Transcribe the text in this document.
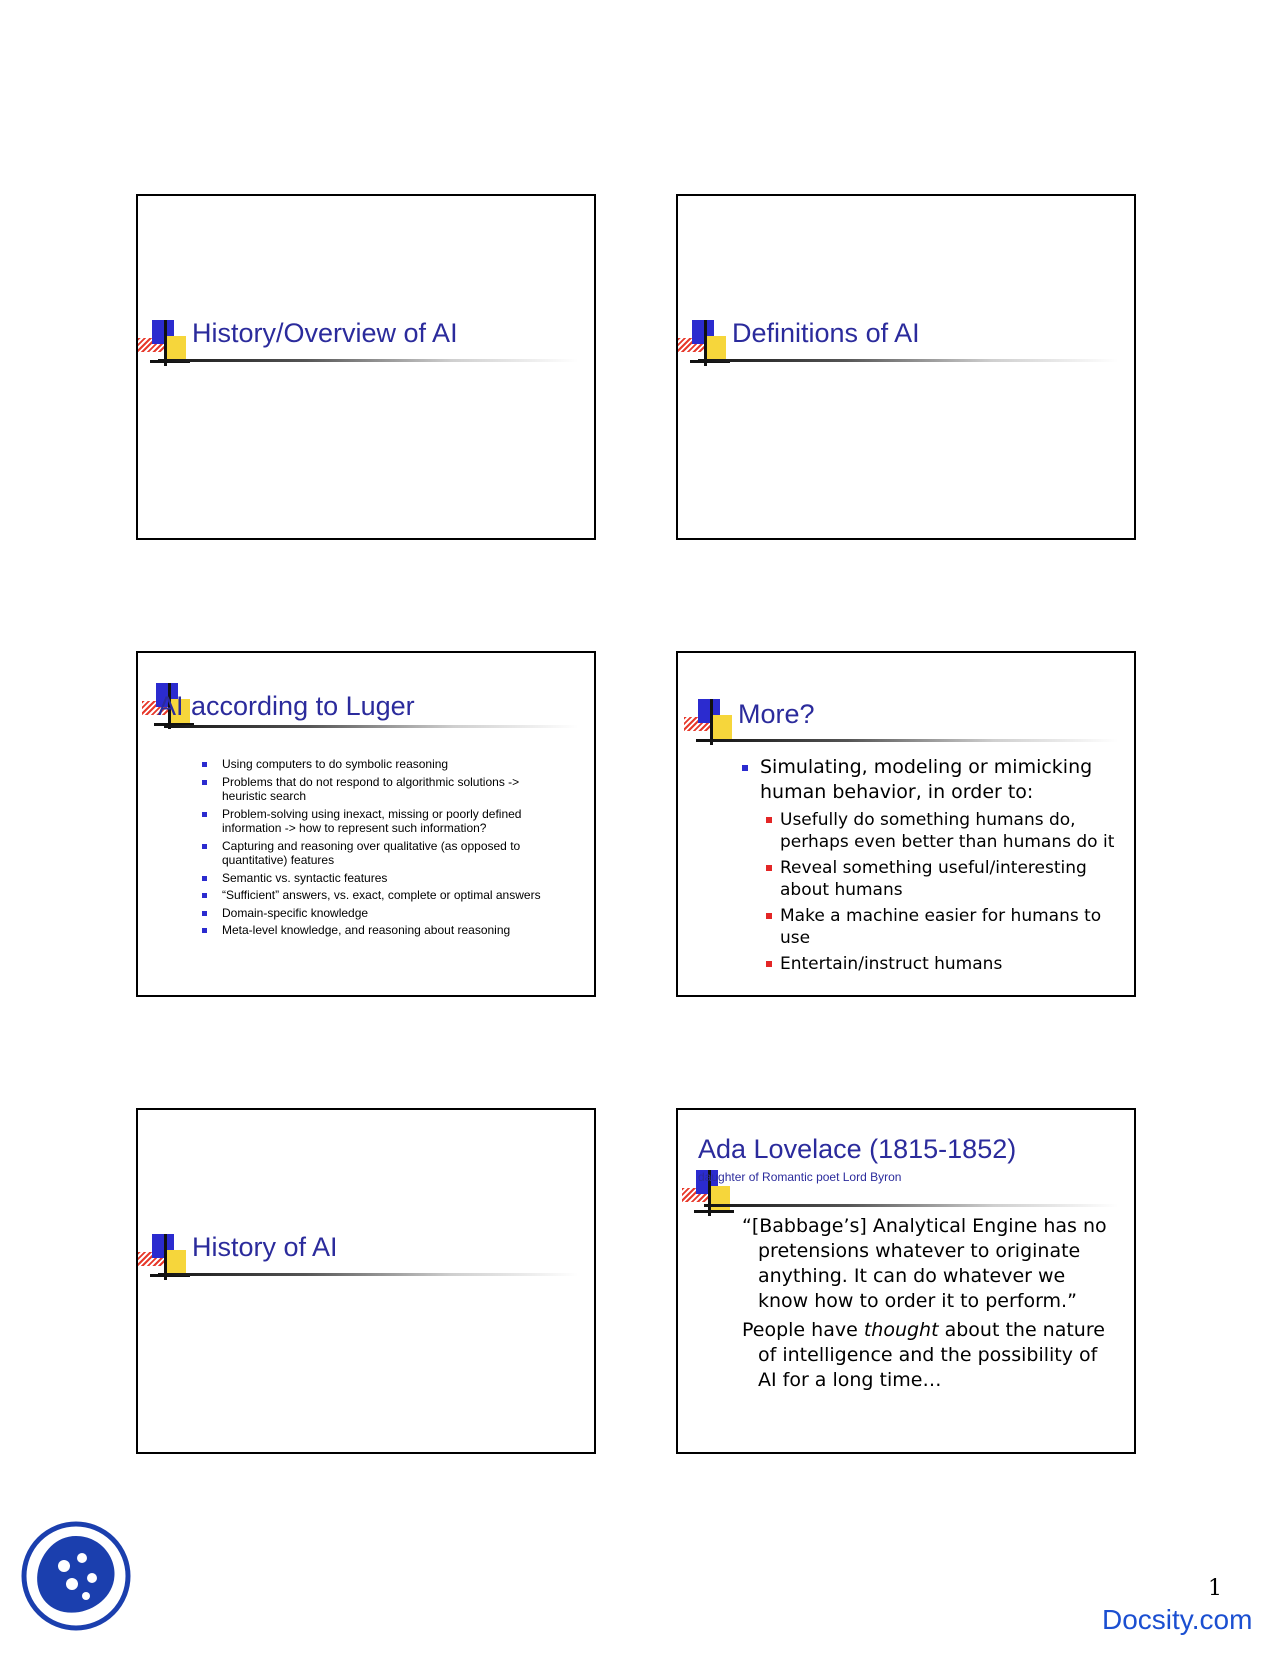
History/Overview of AI	Definitions of AI
AI according to Luger
Using computers to do symbolic reasoning
Problems that do not respond to algorithmic solutions -> heuristic search
Problem-solving using inexact, missing or poorly defined information -> how to represent such information?
Capturing and reasoning over qualitative (as opposed to quantitative) features
Semantic vs. syntactic features
“Sufficient” answers, vs. exact, complete or optimal answers
Domain-specific knowledge
Meta-level knowledge, and reasoning about reasoning
More?
Simulating, modeling or mimicking human behavior, in order to:
Usefully do something humans do, perhaps even better than humans do it
Reveal something useful/interesting about humans
Make a machine easier for humans to use
Entertain/instruct humans
History of AI
Ada Lovelace (1815-1852)
daughter of Romantic poet Lord Byron

“[Babbage’s] Analytical Engine has no pretensions whatever to originate anything. It can do whatever we know how to order it to perform.”

People have thought about the nature of intelligence and the possibility of AI for a long time…

1
Docsity.com
